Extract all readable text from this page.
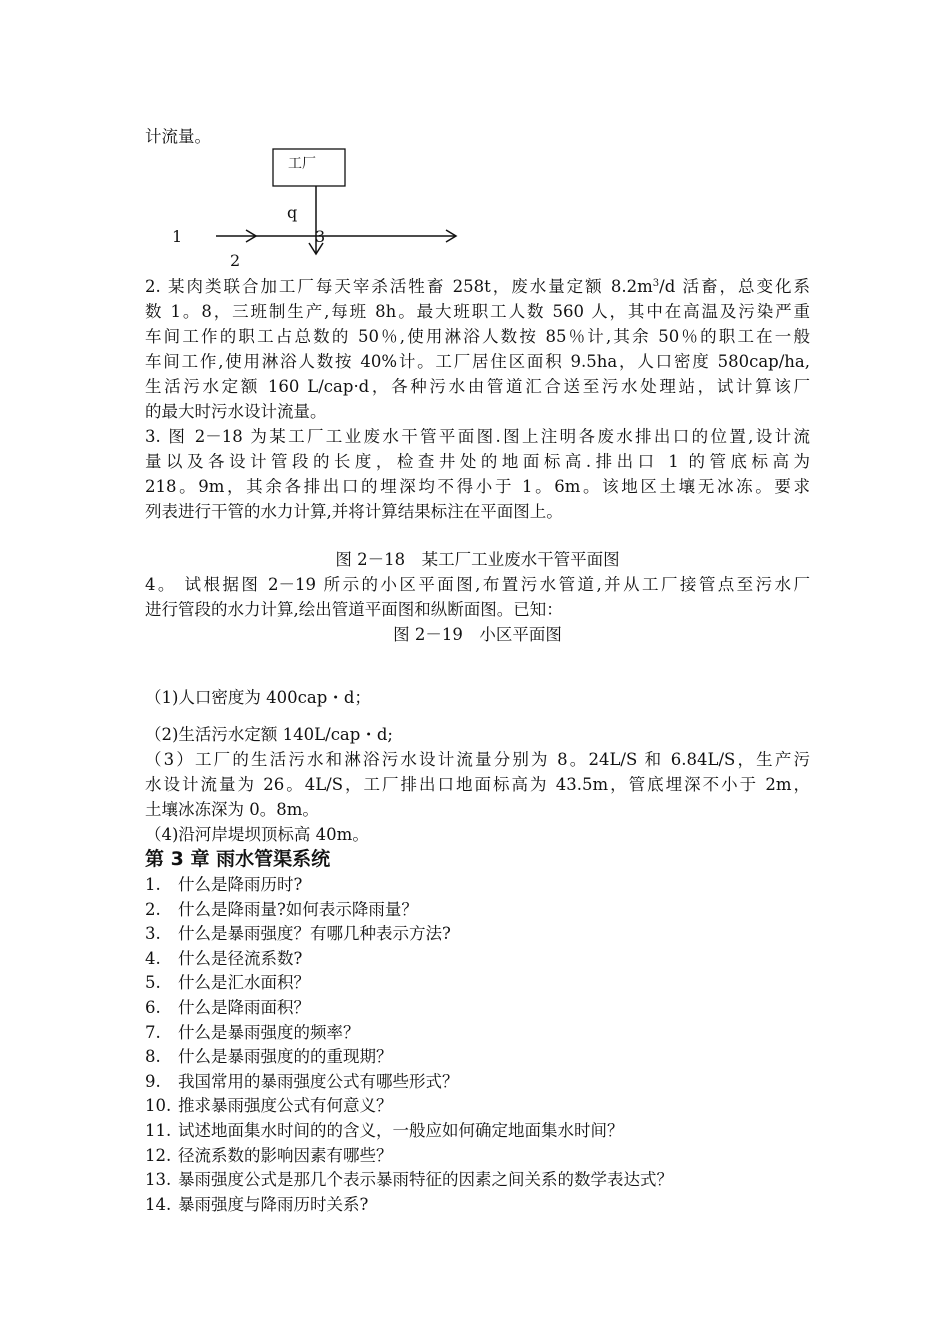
计流量。
工厂
q
1
2
3
2. 某肉类联合加工厂每天宰杀活牲畜 258t，废水量定额 $8.2m^3/d$ 活畜，总变化系
数 1。8，三班制生产,每班 8h。最大班职工人数 560 人，其中在高温及污染严重
车间工作的职工占总数的 50％,使用淋浴人数按 85％计,其余 50％的职工在一般
车间工作,使用淋浴人数按 40%计。工厂居住区面积 9.5ha，人口密度 580cap/ha,
生活污水定额 160 L/cap·d，各种污水由管道汇合送至污水处理站，试计算该厂
的最大时污水设计流量。
3. 图 2－18 为某工厂工业废水干管平面图.图上注明各废水排出口的位置,设计流
量以及各设计管段的长度，检查井处的地面标高.排出口 1 的管底标高为
218。9m，其余各排出口的埋深均不得小于 1。6m。该地区土壤无冰冻。要求
列表进行干管的水力计算,并将计算结果标注在平面图上。
图 2－18　某工厂工业废水干管平面图
4。 试根据图 2－19 所示的小区平面图,布置污水管道,并从工厂接管点至污水厂
进行管段的水力计算,绘出管道平面图和纵断面图。已知：
图 2－19　小区平面图
（1)人口密度为 400cap・d；
（2)生活污水定额 140L/cap・d;
（3）工厂的生活污水和淋浴污水设计流量分别为 8。24L/S 和 6.84L/S，生产污
水设计流量为 26。4L/S，工厂排出口地面标高为 43.5m，管底埋深不小于 2m，
土壤冰冻深为 0。8m。
（4)沿河岸堤坝顶标高 40m。
第 3 章 雨水管渠系统
1. 什么是降雨历时?
2. 什么是降雨量?如何表示降雨量？
3. 什么是暴雨强度？有哪几种表示方法?
4. 什么是径流系数?
5. 什么是汇水面积？
6. 什么是降雨面积？
7. 什么是暴雨强度的频率？
8. 什么是暴雨强度的的重现期？
9. 我国常用的暴雨强度公式有哪些形式？
10. 推求暴雨强度公式有何意义？
11. 试述地面集水时间的的含义，一般应如何确定地面集水时间？
12. 径流系数的影响因素有哪些？
13. 暴雨强度公式是那几个表示暴雨特征的因素之间关系的数学表达式？
14. 暴雨强度与降雨历时关系?
